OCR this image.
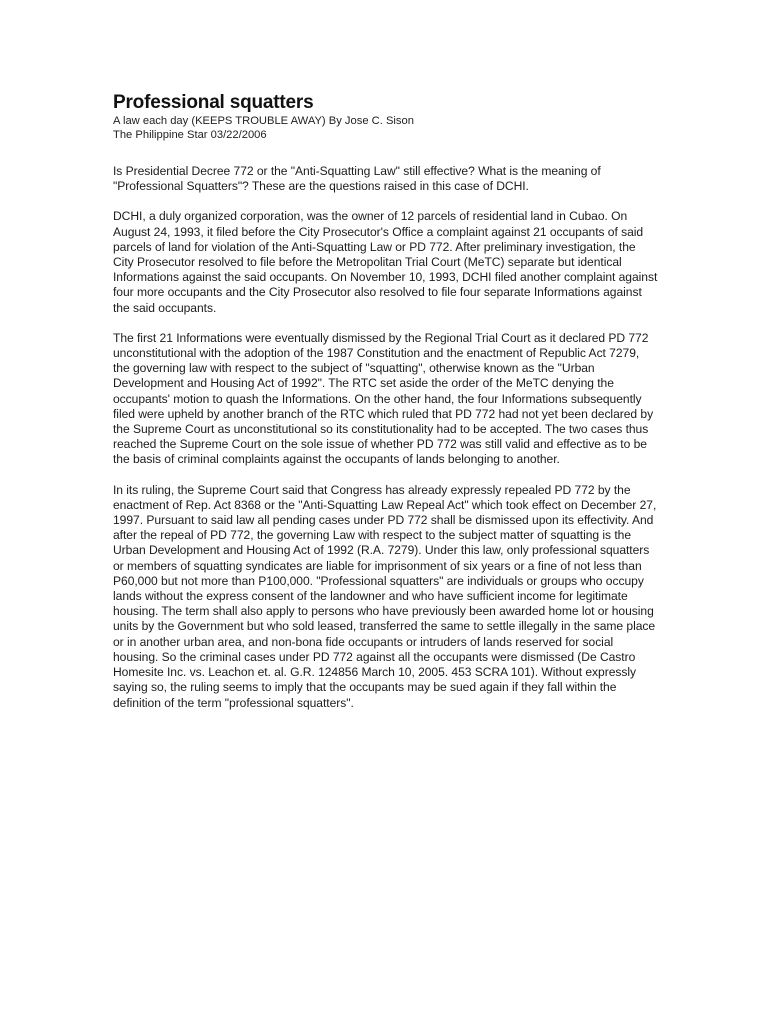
Professional squatters

A law each day (KEEPS TROUBLE AWAY) By Jose C. Sison

The Philippine Star 03/22/2006

Is Presidential Decree 772 or the "Anti-Squatting Law" still effective? What is the meaning of "Professional Squatters"? These are the questions raised in this case of DCHI.

DCHI, a duly organized corporation, was the owner of 12 parcels of residential land in Cubao. On August 24, 1993, it filed before the City Prosecutor's Office a complaint against 21 occupants of said parcels of land for violation of the Anti-Squatting Law or PD 772. After preliminary investigation, the City Prosecutor resolved to file before the Metropolitan Trial Court (MeTC) separate but identical Informations against the said occupants. On November 10, 1993, DCHI filed another complaint against four more occupants and the City Prosecutor also resolved to file four separate Informations against the said occupants.

The first 21 Informations were eventually dismissed by the Regional Trial Court as it declared PD 772 unconstitutional with the adoption of the 1987 Constitution and the enactment of Republic Act 7279, the governing law with respect to the subject of "squatting", otherwise known as the "Urban Development and Housing Act of 1992". The RTC set aside the order of the MeTC denying the occupants' motion to quash the Informations. On the other hand, the four Informations subsequently filed were upheld by another branch of the RTC which ruled that PD 772 had not yet been declared by the Supreme Court as unconstitutional so its constitutionality had to be accepted. The two cases thus reached the Supreme Court on the sole issue of whether PD 772 was still valid and effective as to be the basis of criminal complaints against the occupants of lands belonging to another.

In its ruling, the Supreme Court said that Congress has already expressly repealed PD 772 by the enactment of Rep. Act 8368 or the "Anti-Squatting Law Repeal Act" which took effect on December 27, 1997. Pursuant to said law all pending cases under PD 772 shall be dismissed upon its effectivity. And after the repeal of PD 772, the governing Law with respect to the subject matter of squatting is the Urban Development and Housing Act of 1992 (R.A. 7279). Under this law, only professional squatters or members of squatting syndicates are liable for imprisonment of six years or a fine of not less than P60,000 but not more than P100,000. "Professional squatters" are individuals or groups who occupy lands without the express consent of the landowner and who have sufficient income for legitimate housing. The term shall also apply to persons who have previously been awarded home lot or housing units by the Government but who sold leased, transferred the same to settle illegally in the same place or in another urban area, and non-bona fide occupants or intruders of lands reserved for social housing. So the criminal cases under PD 772 against all the occupants were dismissed (De Castro Homesite Inc. vs. Leachon et. al. G.R. 124856 March 10, 2005. 453 SCRA 101). Without expressly saying so, the ruling seems to imply that the occupants may be sued again if they fall within the definition of the term "professional squatters".
